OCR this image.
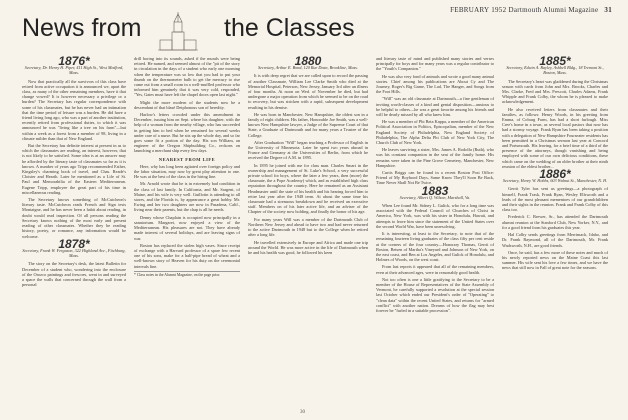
FEBRUARY 1952 Dartmouth Alumni Magazine 31
News from	the Classes
1876*
Secretary, Dr. Henry H. Piper, 411 High St., West Medford, Mass.

Now that practically all the survivors of this class have retired from active occupation it is announced we, apart the class, as many of the other remaining members, have it that change vowed? It is however necessary a privilege or a burden? The Secretary has regular correspondence with some of his classmates, but he has never had an intimation that the time period of leisure was a burden. He did have a friend living long ago, who was a part of another institution, recently retired from professional duties, to which it was announced he was "living like a tree on his farm"—but within a week as a forest from a member of 98, living in a climate milder than that of New England.

But the Secretary has definite interest at present in as to which the classmates are reading, an interest, however, that is not likely to be satisfied. Some idea is at an answer may be afforded by the literary taste of classmates so far as it is known. A number of years ago Tripp recommended Esther, Kingsley's charming book of travel, and Chas. Reade's Cloister and Hearth. Later he mentioned as a Life of St. Paul and Memorabilia of the Eastern Mediterranean. Eugene Tripp, employee the great part of his time in miscellaneous reading.

The Secretary knows something of McCutcheon's literary taste. McCutcheon reads French and Sign tests Montaigne, and he has never been a habit about reading, in doubt would read inspection. Of all persons reading the Secretary knows nothing of the most early and present reading of other classmates. Whether they be reading history, poetry, or romance, any information would be welcome.

1878*
Secretary, Frank W. Ferguson, 322 Highland Ave., Fitchburg, Mass.

The story on the Secretary's desk, the latest Bulletin for December of a student who, wondering into the enclosure of the Orozco paintings and frescoes, went in and surveyed a space the walls that concerned through the wall from a personal

drill boring into its sounds, asked if the murals were being retired. He named, and seemed almost of the "pit of the story in circulation in the days of a student who early one morning when the temperature was so low that you had to put your thumb on the thermometer bulb to get the mercury to rise came out from a small room in a well-muffled professor who informed him genuinely that it was very cold, responded, "Yes, Gates must have left the chapel doors open last night."

Might the more modern of the students now be a descendant of that blasé Deiphonous son of heredity.

Harlow's letters crowded under this amendment in December, issuing him on Sept. where his daughter, with the help of a woman from the nearby village, who has succeeded in getting him to bed when he remained for several weeks under care of a nurse. But he sits up the whole day, and so far goes some fit a portion of the day. His son William, an engineer of the Oregon Shipbuilding Co., reckons on launching a merchant ship every few days.

NEAREST FROM LIFE

Here, why has long been agitated over foreign policy and the labor situation, may now by great play attention to one. He was at the best of the class in the hiring line.

Mr. Arnold wrote that he is in extremely bad condition in the class of last family. In California, and Mr. Sargent, of Maine, and his wife is very well. Guillotin is attending to all stores, and the Florida is, by appearance a great hobby. Mr. Ewing and her two daughters are now in Pasadena, Calif., living near their parents, but the chap is all he needs.

Denny whose Chaplain is occupied now principally in a sanatorium. Margaret, now enjoyed a view of the Mediterranean. His pleasures are not. They have already made interest of several holidays, and are leaving signs of war.

Boston has replaced the stolen high vases. Since receipt of exchange with a Harvard professor of a spare few recent one of his sons, make for a half-pipe bread of wheat and a well-known story of Heaven for his duty on the ceremonial intervals line.

* Class notes in the Alumni Magazine, on the page prior.
1880
Secretary, Arthur E. Bond, 120 Rue Dean, Brookline, Mass.

It is with deep regret that we are called upon to record the passing of another Classmate, William Lee Clarke Smith who died at the Memorial Hospital, Peterson, New Jersey, January 3rd after an illness of four months. At noon on Wed. of November he died, but had undergone a major operation from which he seemed to be on the road to recovery, but was stricken with a rapid, subsequent development resulting in his demise.

He was born in Manchester, New Hampshire, the oldest son in a family of eight children. His father, Honorable Joe Smith, was a well-known New Hampshire lawyer, a Judge of the Supreme Court of that State, a Graduate of Dartmouth and for many years a Trustee of the College.

After Graduation "Will" began teaching a Professor of English in the University of Minnesota. Later he spent two years abroad in France and Germany at the Universities of Berlin, from which he received the Degree of A.M. in 1895.

In 1895 he joined with me for class man. Charles Smart in the ownership and management of St. Luke's School, a very successful private school for boys, where the later a few years, then (more) the classmate, the a Pope Academy) which, and as established high class reputation throughout the country. Here he remained as an Assistant Headmaster until the state of his health and his hearing forced him to retire last year after the 1948 term. At about the same time his classmate had a strenuous breakdown and he received an executive staff. Members on of his later active life, and an adviser of the Chapter of the society now holding, and finally the honor of his age.

For many years Will was a member of the Dartmouth Club of Northern New Jersey and ahead to have two and had never returned to the active Dartmouth in 1948 but to the College when he retired after a long life.

He travelled extensively in Europe and Africa and made one trip around the World. He was more active in the life of Dartmouth when he and his health was good, he followed his keen

and literary taste of mind and published many stories and verses principally for boys and for many years was a regular contributor to the "Youth's Companion."

He was also very fond of animals and wrote a good many animal stories. Chief among his publications are About Cy and The Journey, Roger's Big Game, The Lad, The Hanger, and Songs from the Foot Hills.

"Will" was an old classmate at Dartmouth—a fine gentleman of inviting worth-classes of a kind and genial disposition—anxious to be helpful to others—he was a great favorite among his friends and will be dearly missed by all who knew him.

He was a member of Phi Beta Kappa, a member of the American Political Association in Politics, Episcopalian, member of the New England Society of Philadelphia, New England Society of Philadelphia, The Alpha Delta Phi Club of New York City, The Church Club of New York.

He leaves surviving a sister, Mrs. James A. Rodolfa (Ruth), who was his constant companion in the seat of the family home. His remains were taken in the Pine Grove Cemetery, Manchester, New Hampshire.

Curtis Briggs can be found in a recent Boston Post Office: Friend of My Boyhood Days, Same Know They'll Soon Be Back, Time Never Shall Not Be Twice.

1883
Secretary, Albert Q. Wilson, Marshall, Va.

When Lee found Mr. Sidney L. Gulick, who for a long time was associated with the Federal Council of Churches of Christ in America, New York, was with his sister in Honolulu, Hawaii, and attempts to leave him since the statement of the United States over the second World War, have been unresolving.

It is interesting, at least to the Secretary, to note that of the remaining fourteen living graduates of the class fifty per cent reside at the corners of the four country—Honorary Thomas, Gerrit of Boston, Betsen of Martha's Vineyard and Johnson of New York, on the east coast, and Ben at Los Angeles, and Gulick of Honolulu, and Holmes of Woods, on the west coast.

From last reports it appeared that all of the remaining members, even at their advanced ages, were in reasonably good health.

Not too often is one a little gratifying to the Secretary to be a member of the House of Representatives of the State Assembly of Vermont, he carefully supported a resolution at the special session last October which ended our President's order of "Operating" to "clean data" within the recent United States, and returns for "armed conflict" with another nation. Dreams of how the flag may best forever be "furled in a suitable procession".

1885*
Secretary, Edwin A. Bayley, Ashbell Bldg., 18 Tremont St., Boston, Mass.

The Secretary's heart was gladdened during the Christmas season with cards from John and Mrs. Brooks, Charles and Mrs. Clarke, Fred and Mrs. Prescott, Charles Adams, Frank Whipple and Frank Colby, the whom he is pleased to make acknowledgement.

He also received letters from classmates and their families, as follows: Henry Woods, in his greeting from Emma, of Coburg Farm, has had a short furlough. Miss Cree's home in a town, as several local pastors that now has had a stormy voyage. Frank Ryan has been taking a position with a delegation of New Hampshire Fourseater residents has been permitted in a Christmas sermon last year at Concord and Portsmouth. His leaving, for a brief time of a third of the presence of the attorneys, though vanishing and being employed with some of our own delicious conditions, these which came on the wedding of an older brother at their ninth reunion of the eldest brother...

1886*
Secretary, Henry W. Hobbs, 603 Walnut St., Manchester, N. H.

Gerrit Tyler has sent us greetings—a photograph of himself, Frank Trask, Frank Ryan, Wesley Ellsworth and a leads of the most pleasant mementoes of our grandchildren and their sights in the reunion. Frank and Frank Colby of this class too.

Frederick C. Brewer, Sr., has attended the Dartmouth alumni reunion at the Stanford Club, New Yorker, N.Y., and for a good friend from his graduates this year.

Hal Colby sends greetings from Merrimack, Idaho, and Dr. Frank Raymond, all of the Dartmouth, Mr. Frank Wadsworth, N.H., are good friends.

Once, he said, has a few more of these notes and much of his newly reported news on the Maine Coast this last summer. His wife sent his love a few times, and we have the news that still now in Fall of great note for the seasons.

30
